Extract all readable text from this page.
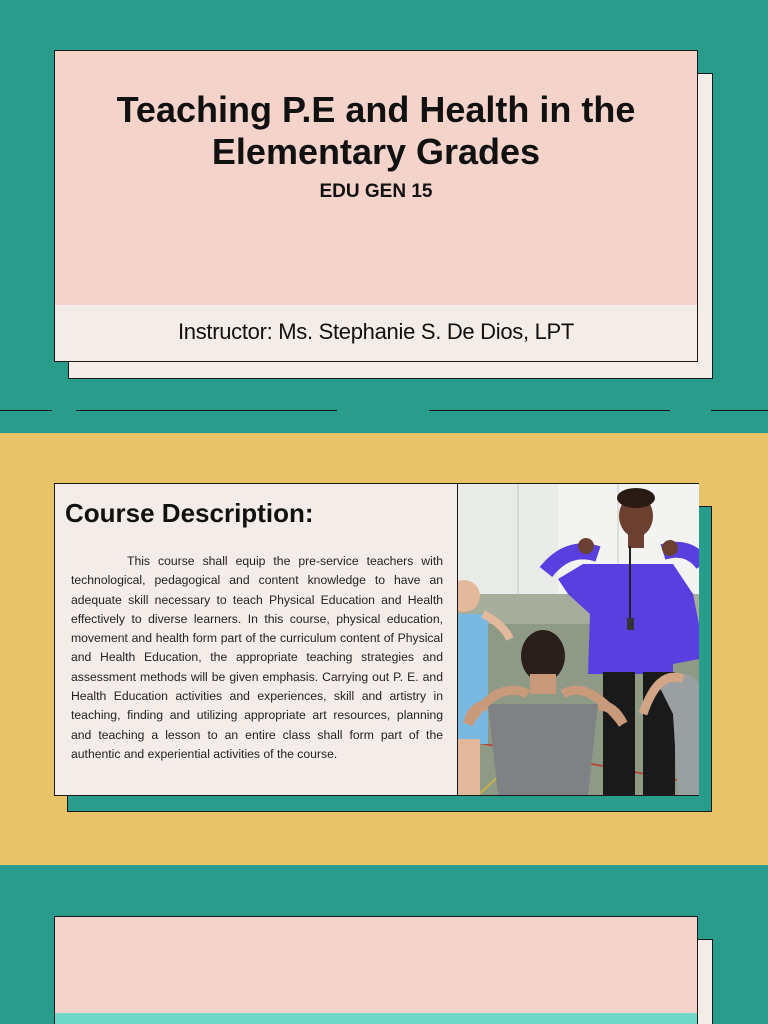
Teaching P.E and Health in the Elementary Grades

EDU GEN 15

Instructor: Ms. Stephanie S. De Dios, LPT

Course Description:

This course shall equip the pre-service teachers with technological, pedagogical and content knowledge to have an adequate skill necessary to teach Physical Education and Health effectively to diverse learners. In this course, physical education, movement and health form part of the curriculum content of Physical and Health Education, the appropriate teaching strategies and assessment methods will be given emphasis. Carrying out P. E. and Health Education activities and experiences, skill and artistry in teaching, finding and utilizing appropriate art resources, planning and teaching a lesson to an entire class shall form part of the authentic and experiential activities of the course.
